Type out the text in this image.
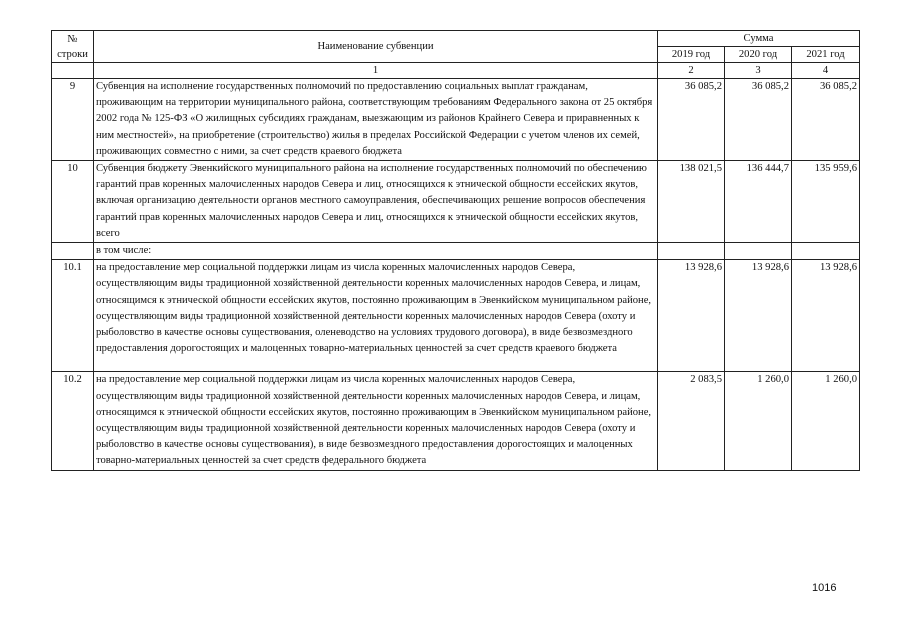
№ строки	Наименование субвенции	Сумма		
		2019 год	2020 год	2021 год
	1	2	3	4
9	Субвенция на исполнение государственных полномочий по предоставлению социальных выплат гражданам, проживающим на территории муниципального района, соответствующим требованиям Федерального закона от 25 октября 2002 года № 125-ФЗ «О жилищных субсидиях гражданам, выезжающим из районов Крайнего Севера и приравненных к ним местностей», на приобретение (строительство) жилья в пределах Российской Федерации с учетом членов их семей, проживающих совместно с ними, за счет средств краевого бюджета	36 085,2	36 085,2	36 085,2
10	Субвенция бюджету Эвенкийского муниципального района на исполнение государственных полномочий по обеспечению гарантий прав коренных малочисленных народов Севера и лиц, относящихся к этнической общности ессейских якутов, включая организацию деятельности органов местного самоуправления, обеспечивающих решение вопросов обеспечения гарантий прав коренных малочисленных народов Севера и лиц, относящихся к этнической общности ессейских якутов, всего	138 021,5	136 444,7	135 959,6
	в том числе:			
10.1	на предоставление мер социальной поддержки лицам из числа коренных малочисленных народов Севера, осуществляющим виды традиционной хозяйственной деятельности коренных малочисленных народов Севера, и лицам, относящимся к этнической общности ессейских якутов, постоянно проживающим в Эвенкийском муниципальном районе, осуществляющим виды традиционной хозяйственной деятельности коренных малочисленных народов Севера (охоту и рыболовство в качестве основы существования, оленеводство на условиях трудового договора), в виде безвозмездного предоставления дорогостоящих и малоценных товарно-материальных ценностей за счет средств краевого бюджета	13 928,6	13 928,6	13 928,6
10.2	на предоставление мер социальной поддержки лицам из числа коренных малочисленных народов Севера, осуществляющим виды традиционной хозяйственной деятельности коренных малочисленных народов Севера, и лицам, относящимся к этнической общности ессейских якутов, постоянно проживающим в Эвенкийском муниципальном районе, осуществляющим виды традиционной хозяйственной деятельности коренных малочисленных народов Севера (охоту и рыболовство в качестве основы существования), в виде безвозмездного предоставления дорогостоящих и малоценных товарно-материальных ценностей за счет средств федерального бюджета	2 083,5	1 260,0	1 260,0
1016
